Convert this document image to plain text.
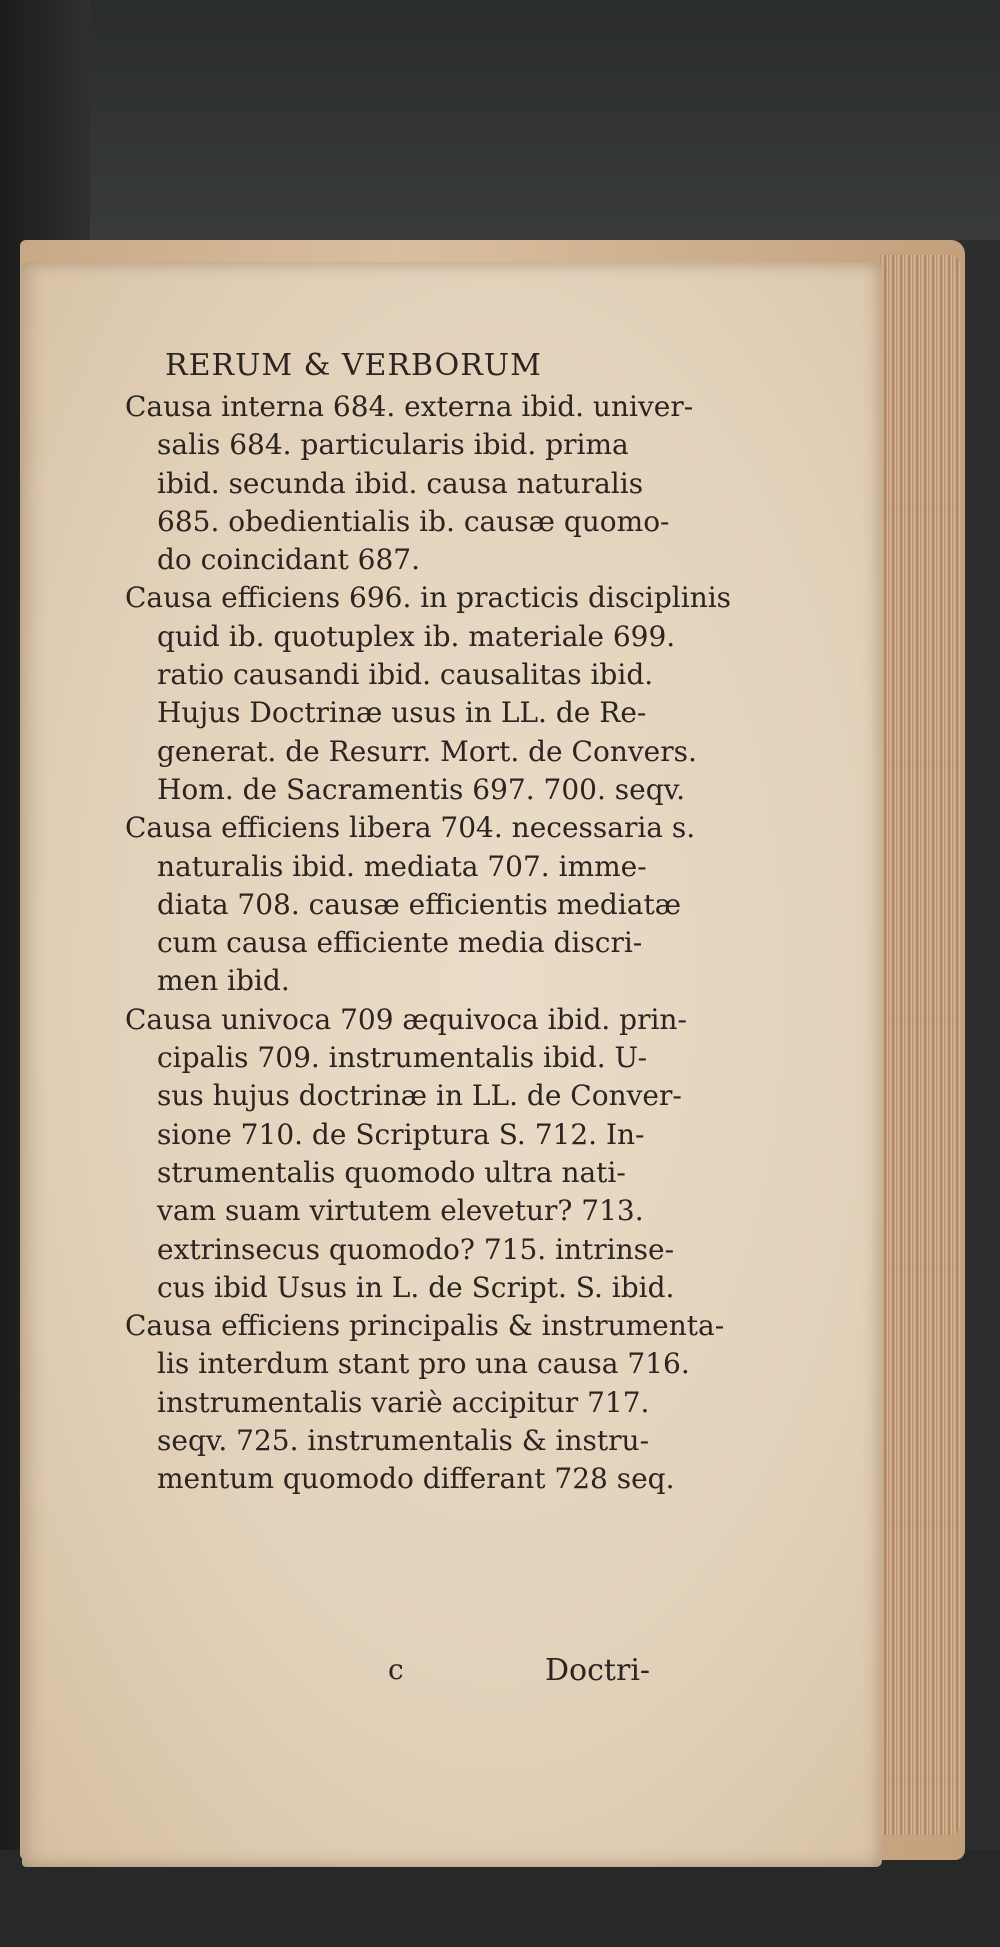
RERUM & VERBORUM
Causa interna 684. externa ibid. univer-
salis 684. particularis ibid. prima
ibid. secunda ibid. causa naturalis
685. obedientialis ib. causæ quomo-
do coincidant 687.
Causa efficiens 696. in practicis disciplinis
quid ib. quotuplex ib. materiale 699.
ratio causandi ibid. causalitas ibid.
Hujus Doctrinæ usus in LL. de Re-
generat. de Resurr. Mort. de Convers.
Hom. de Sacramentis 697. 700. seqv.
Causa efficiens libera 704. necessaria s.
naturalis ibid. mediata 707. imme-
diata 708. causæ efficientis mediatæ
cum causa efficiente media discri-
men ibid.
Causa univoca 709 æquivoca ibid. prin-
cipalis 709. instrumentalis ibid. U-
sus hujus doctrinæ in LL. de Conver-
sione 710. de Scriptura S. 712. In-
strumentalis quomodo ultra nati-
vam suam virtutem elevetur? 713.
extrinsecus quomodo? 715. intrinse-
cus ibid Usus in L. de Script. S. ibid.
Causa efficiens principalis & instrumenta-
lis interdum stant pro una causa 716.
instrumentalis variè accipitur 717.
seqv. 725. instrumentalis & instru-
mentum quomodo differant 728 seq.
c	Doctri-
